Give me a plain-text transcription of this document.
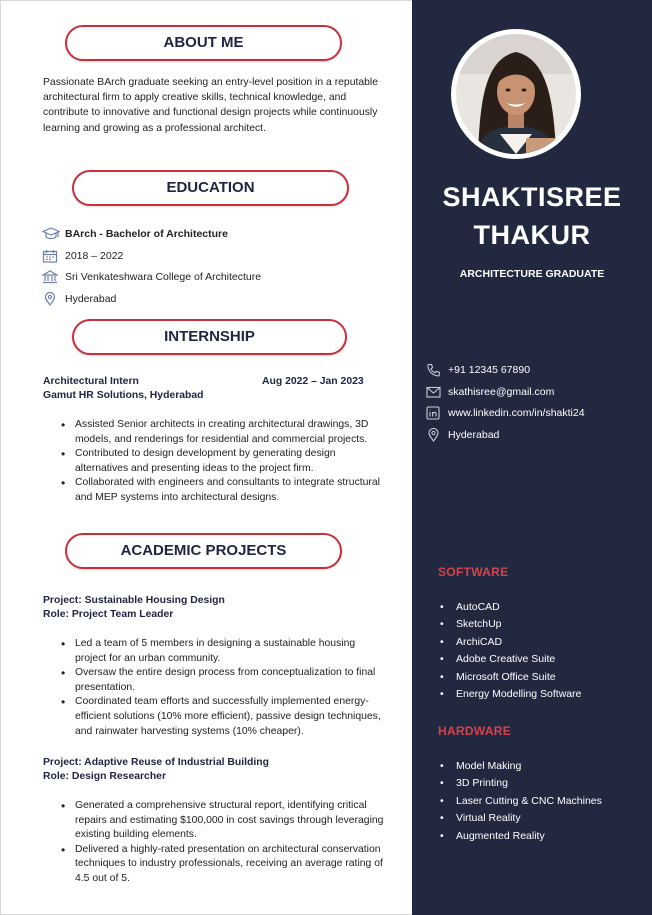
ABOUT ME
Passionate BArch graduate seeking an entry-level position in a reputable architectural firm to apply creative skills, technical knowledge, and contribute to innovative and functional design projects while continuously learning and growing as a professional architect.
EDUCATION
BArch - Bachelor of Architecture
2018 – 2022
Sri Venkateshwara College of Architecture
Hyderabad
INTERNSHIP
Architectural Intern	Aug 2022 – Jan 2023
Gamut HR Solutions, Hyderabad
• Assisted Senior architects in creating architectural drawings, 3D models, and renderings for residential and commercial projects.
• Contributed to design development by generating design alternatives and presenting ideas to the project firm.
• Collaborated with engineers and consultants to integrate structural and MEP systems into architectural designs.
ACADEMIC PROJECTS
Project: Sustainable Housing Design
Role: Project Team Leader
• Led a team of 5 members in designing a sustainable housing project for an urban community.
• Oversaw the entire design process from conceptualization to final presentation.
• Coordinated team efforts and successfully implemented energy-efficient solutions (10% more efficient), passive design techniques, and rainwater harvesting systems (10% cheaper).
Project: Adaptive Reuse of Industrial Building
Role: Design Researcher
• Generated a comprehensive structural report, identifying critical repairs and estimating $100,000 in cost savings through leveraging existing building elements.
• Delivered a highly-rated presentation on architectural conservation techniques to industry professionals, receiving an average rating of 4.5 out of 5.
SHAKTISREE
THAKUR
ARCHITECTURE GRADUATE
+91 12345 67890
skathisree@gmail.com
www.linkedin.com/in/shakti24
Hyderabad
SOFTWARE
• AutoCAD
• SketchUp
• ArchiCAD
• Adobe Creative Suite
• Microsoft Office Suite
• Energy Modelling Software
HARDWARE
• Model Making
• 3D Printing
• Laser Cutting & CNC Machines
• Virtual Reality
• Augmented Reality
